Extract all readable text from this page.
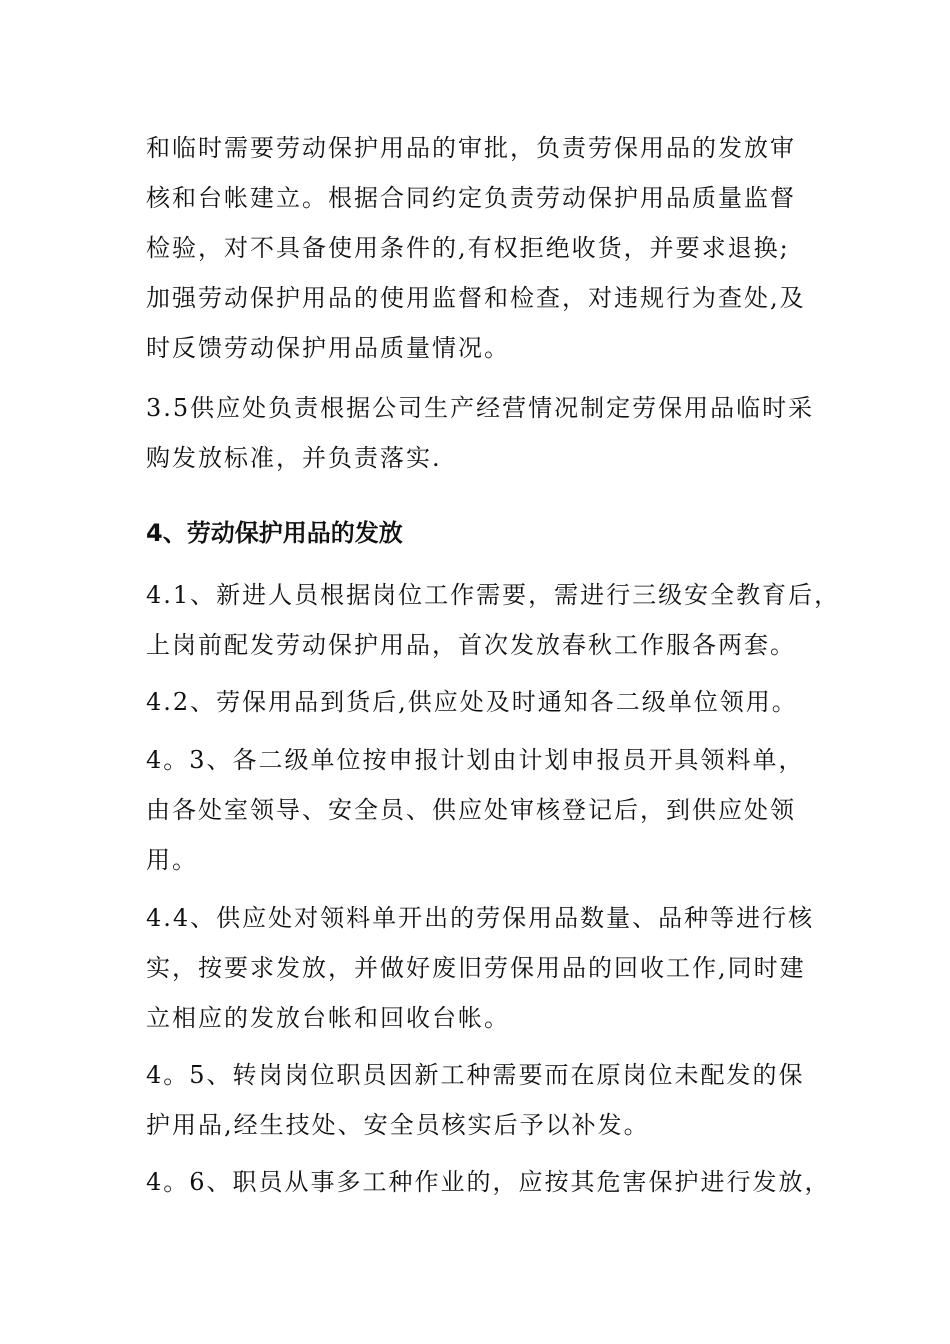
和临时需要劳动保护用品的审批，负责劳保用品的发放审
核和台帐建立。根据合同约定负责劳动保护用品质量监督
检验，对不具备使用条件的,有权拒绝收货，并要求退换;
加强劳动保护用品的使用监督和检查，对违规行为查处,及
时反馈劳动保护用品质量情况。
3.5供应处负责根据公司生产经营情况制定劳保用品临时采
购发放标准，并负责落实.
4、劳动保护用品的发放
4.1、新进人员根据岗位工作需要，需进行三级安全教育后，
上岗前配发劳动保护用品，首次发放春秋工作服各两套。
4.2、劳保用品到货后,供应处及时通知各二级单位领用。
4。3、各二级单位按申报计划由计划申报员开具领料单，
由各处室领导、安全员、供应处审核登记后，到供应处领
用。
4.4、供应处对领料单开出的劳保用品数量、品种等进行核
实，按要求发放，并做好废旧劳保用品的回收工作,同时建
立相应的发放台帐和回收台帐。
4。5、转岗岗位职员因新工种需要而在原岗位未配发的保
护用品,经生技处、安全员核实后予以补发。
4。6、职员从事多工种作业的，应按其危害保护进行发放，
